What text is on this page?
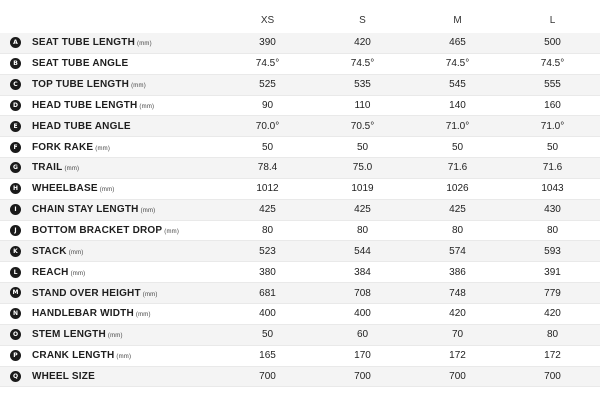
		XS	S	M	L
A	SEAT TUBE LENGTH (mm)	390	420	465	500
B	SEAT TUBE ANGLE	74.5°	74.5°	74.5°	74.5°
C	TOP TUBE LENGTH (mm)	525	535	545	555
D	HEAD TUBE LENGTH (mm)	90	110	140	160
E	HEAD TUBE ANGLE	70.0°	70.5°	71.0°	71.0°
F	FORK RAKE (mm)	50	50	50	50
G	TRAIL (mm)	78.4	75.0	71.6	71.6
H	WHEELBASE (mm)	1012	1019	1026	1043
I	CHAIN STAY LENGTH (mm)	425	425	425	430
J	BOTTOM BRACKET DROP (mm)	80	80	80	80
K	STACK (mm)	523	544	574	593
L	REACH (mm)	380	384	386	391
M	STAND OVER HEIGHT (mm)	681	708	748	779
N	HANDLEBAR WIDTH (mm)	400	400	420	420
O	STEM LENGTH (mm)	50	60	70	80
P	CRANK LENGTH (mm)	165	170	172	172
Q	WHEEL SIZE	700	700	700	700
